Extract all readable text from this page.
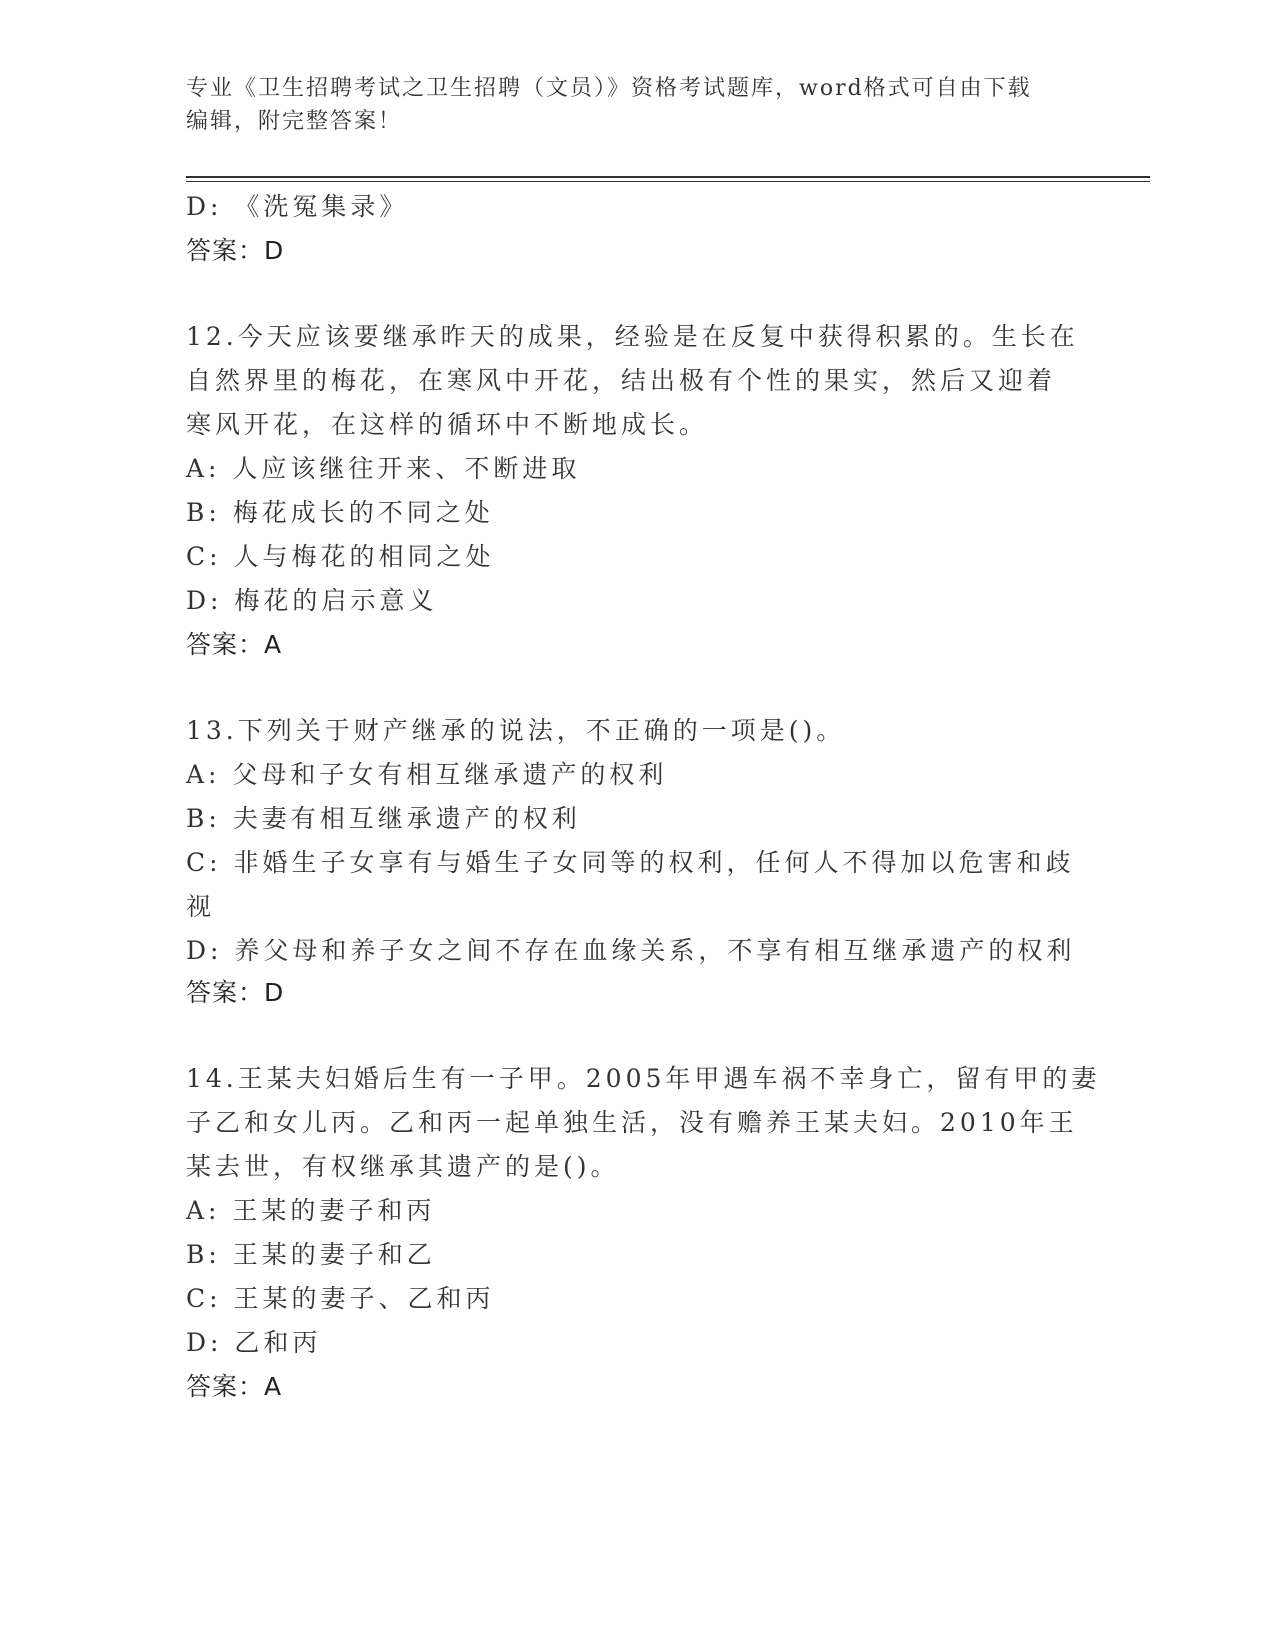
专业《卫生招聘考试之卫生招聘（文员）》资格考试题库，word格式可自由下载
编辑，附完整答案！
D: 《洗冤集录》
答案：D
12.今天应该要继承昨天的成果，经验是在反复中获得积累的。生长在
自然界里的梅花，在寒风中开花，结出极有个性的果实，然后又迎着
寒风开花，在这样的循环中不断地成长。
A: 人应该继往开来、不断进取
B: 梅花成长的不同之处
C: 人与梅花的相同之处
D: 梅花的启示意义
答案：A
13.下列关于财产继承的说法，不正确的一项是()。
A: 父母和子女有相互继承遗产的权利
B: 夫妻有相互继承遗产的权利
C: 非婚生子女享有与婚生子女同等的权利，任何人不得加以危害和歧
视
D: 养父母和养子女之间不存在血缘关系，不享有相互继承遗产的权利
答案：D
14.王某夫妇婚后生有一子甲。2005年甲遇车祸不幸身亡，留有甲的妻
子乙和女儿丙。乙和丙一起单独生活，没有赡养王某夫妇。2010年王
某去世，有权继承其遗产的是()。
A: 王某的妻子和丙
B: 王某的妻子和乙
C: 王某的妻子、乙和丙
D: 乙和丙
答案：A
